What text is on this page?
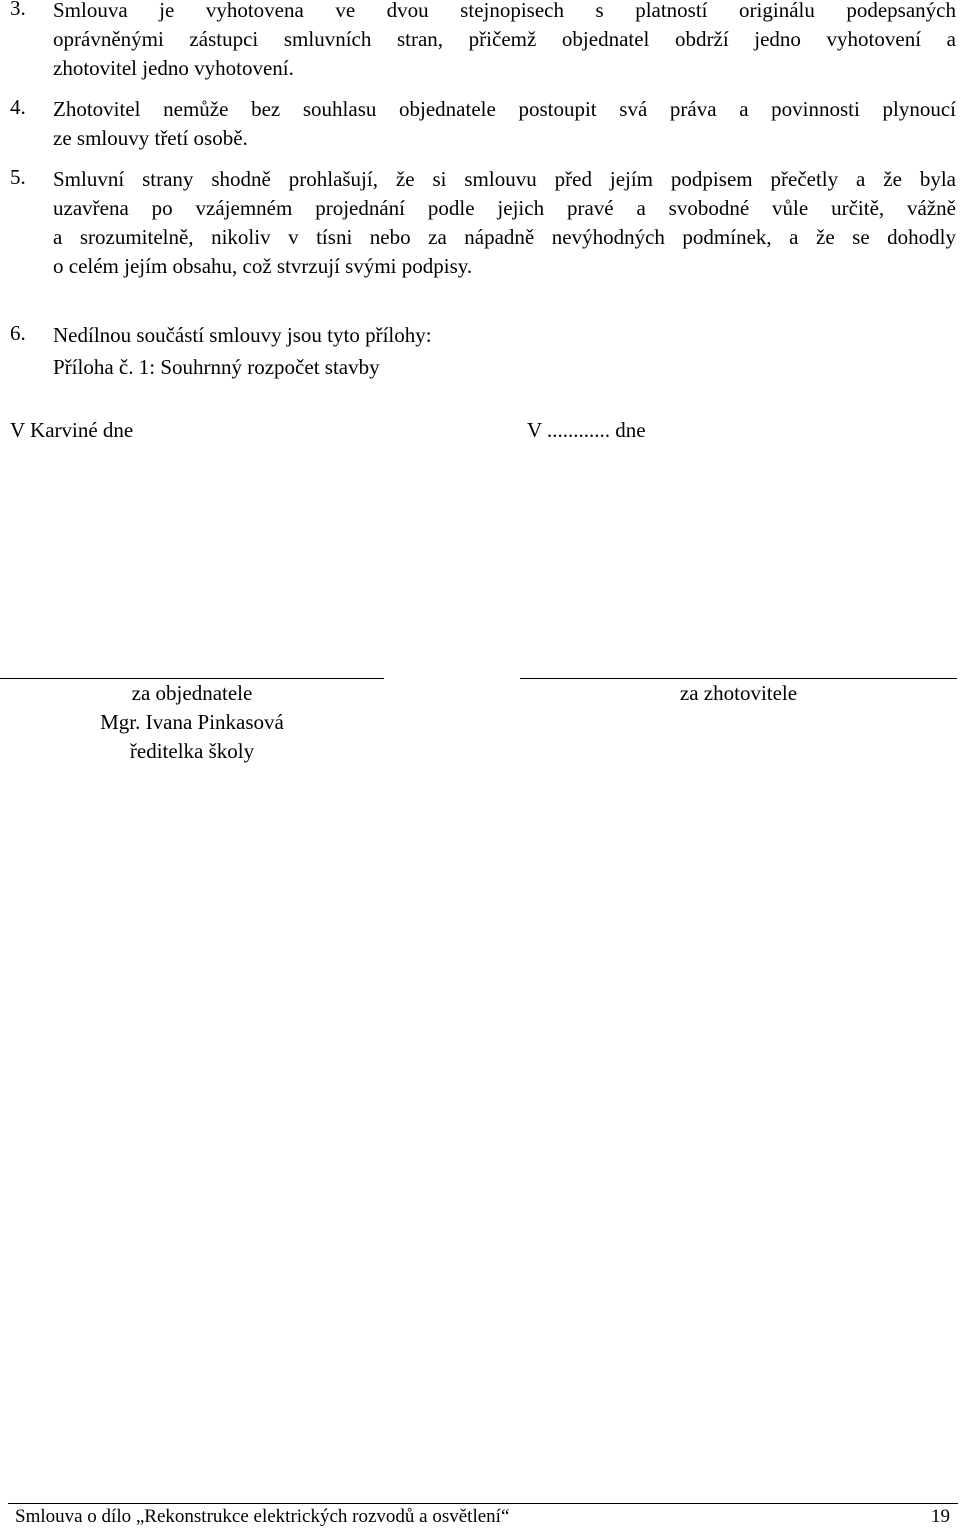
3. Smlouva je vyhotovena ve dvou stejnopisech s platností originálu podepsaných
oprávněnými zástupci smluvních stran, přičemž objednatel obdrží jedno vyhotovení a
zhotovitel jedno vyhotovení.
4. Zhotovitel nemůže bez souhlasu objednatele postoupit svá práva a povinnosti plynoucí
ze smlouvy třetí osobě.
5. Smluvní strany shodně prohlašují, že si smlouvu před jejím podpisem přečetly a že byla
uzavřena po vzájemném projednání podle jejich pravé a svobodné vůle určitě, vážně
a srozumitelně, nikoliv v tísni nebo za nápadně nevýhodných podmínek, a že se dohodly
o celém jejím obsahu, což stvrzují svými podpisy.
6. Nedílnou součástí smlouvy jsou tyto přílohy:
Příloha č. 1: Souhrnný rozpočet stavby
V Karviné dne	V ............ dne
za objednatele
Mgr. Ivana Pinkasová
ředitelka školy
za zhotovitele
Smlouva o dílo „Rekonstrukce elektrických rozvodů a osvětlení“	19
